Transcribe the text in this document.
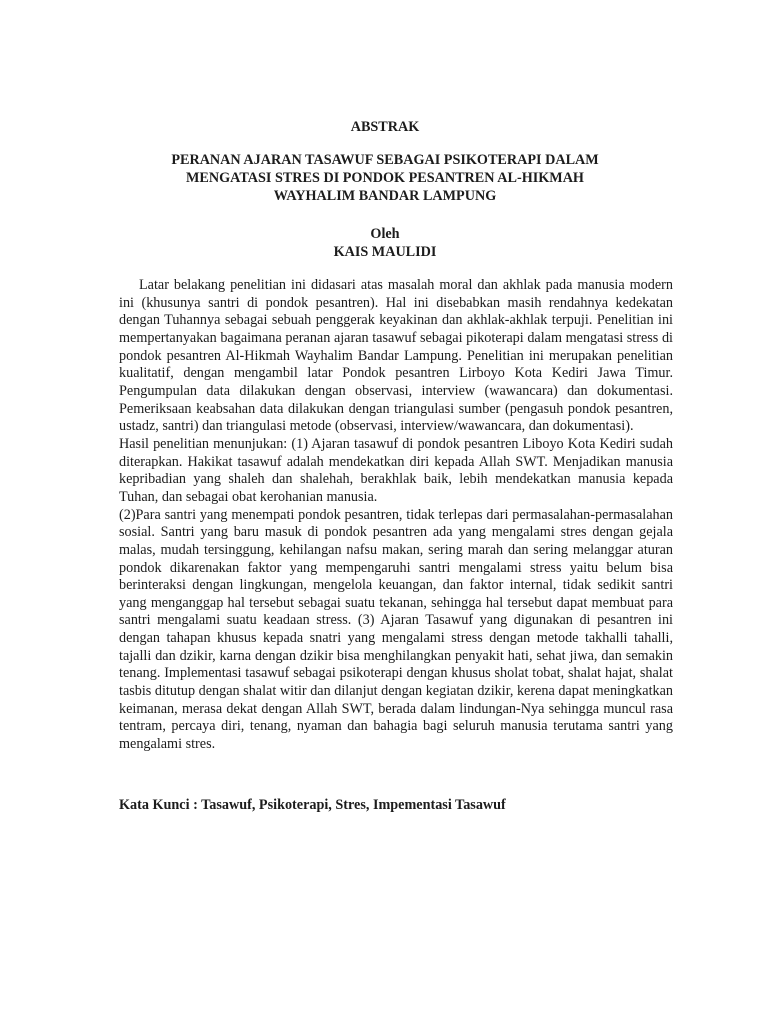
ABSTRAK
PERANAN AJARAN TASAWUF SEBAGAI PSIKOTERAPI DALAM
MENGATASI STRES DI PONDOK PESANTREN AL-HIKMAH
WAYHALIM BANDAR LAMPUNG
Oleh
KAIS MAULIDI

Latar belakang penelitian ini didasari atas masalah moral dan akhlak pada manusia modern ini (khusunya santri di pondok pesantren). Hal ini disebabkan masih rendahnya kedekatan dengan Tuhannya sebagai sebuah penggerak keyakinan dan akhlak-akhlak terpuji. Penelitian ini mempertanyakan bagaimana peranan ajaran tasawuf sebagai pikoterapi dalam mengatasi stress di pondok pesantren Al-Hikmah Wayhalim Bandar Lampung. Penelitian ini merupakan penelitian kualitatif, dengan mengambil latar Pondok pesantren Lirboyo Kota Kediri Jawa Timur. Pengumpulan data dilakukan dengan observasi, interview (wawancara) dan dokumentasi. Pemeriksaan keabsahan data dilakukan dengan triangulasi sumber (pengasuh pondok pesantren, ustadz, santri) dan triangulasi metode (observasi, interview/wawancara, dan dokumentasi).

Hasil penelitian menunjukan: (1) Ajaran tasawuf di pondok pesantren Liboyo Kota Kediri sudah diterapkan. Hakikat tasawuf adalah mendekatkan diri kepada Allah SWT. Menjadikan manusia kepribadian yang shaleh dan shalehah, berakhlak baik, lebih mendekatkan manusia kepada Tuhan, dan sebagai obat kerohanian manusia.

(2)Para santri yang menempati pondok pesantren, tidak terlepas dari permasalahan-permasalahan sosial. Santri yang baru masuk di pondok pesantren ada yang mengalami stres dengan gejala malas, mudah tersinggung, kehilangan nafsu makan, sering marah dan sering melanggar aturan pondok dikarenakan faktor yang mempengaruhi santri mengalami stress yaitu belum bisa berinteraksi dengan lingkungan, mengelola keuangan, dan faktor internal, tidak sedikit santri yang menganggap hal tersebut sebagai suatu tekanan, sehingga hal tersebut dapat membuat para santri mengalami suatu keadaan stress. (3) Ajaran Tasawuf yang digunakan di pesantren ini dengan tahapan khusus kepada snatri yang mengalami stress dengan metode takhalli tahalli, tajalli dan dzikir, karna dengan dzikir bisa menghilangkan penyakit hati, sehat jiwa, dan semakin tenang. Implementasi tasawuf sebagai psikoterapi dengan khusus sholat tobat, shalat hajat, shalat tasbis ditutup dengan shalat witir dan dilanjut dengan kegiatan dzikir, kerena dapat meningkatkan keimanan, merasa dekat dengan Allah SWT, berada dalam lindungan-Nya sehingga muncul rasa tentram, percaya diri, tenang, nyaman dan bahagia bagi seluruh manusia terutama santri yang mengalami stres.

Kata Kunci : Tasawuf, Psikoterapi, Stres, Impementasi Tasawuf
